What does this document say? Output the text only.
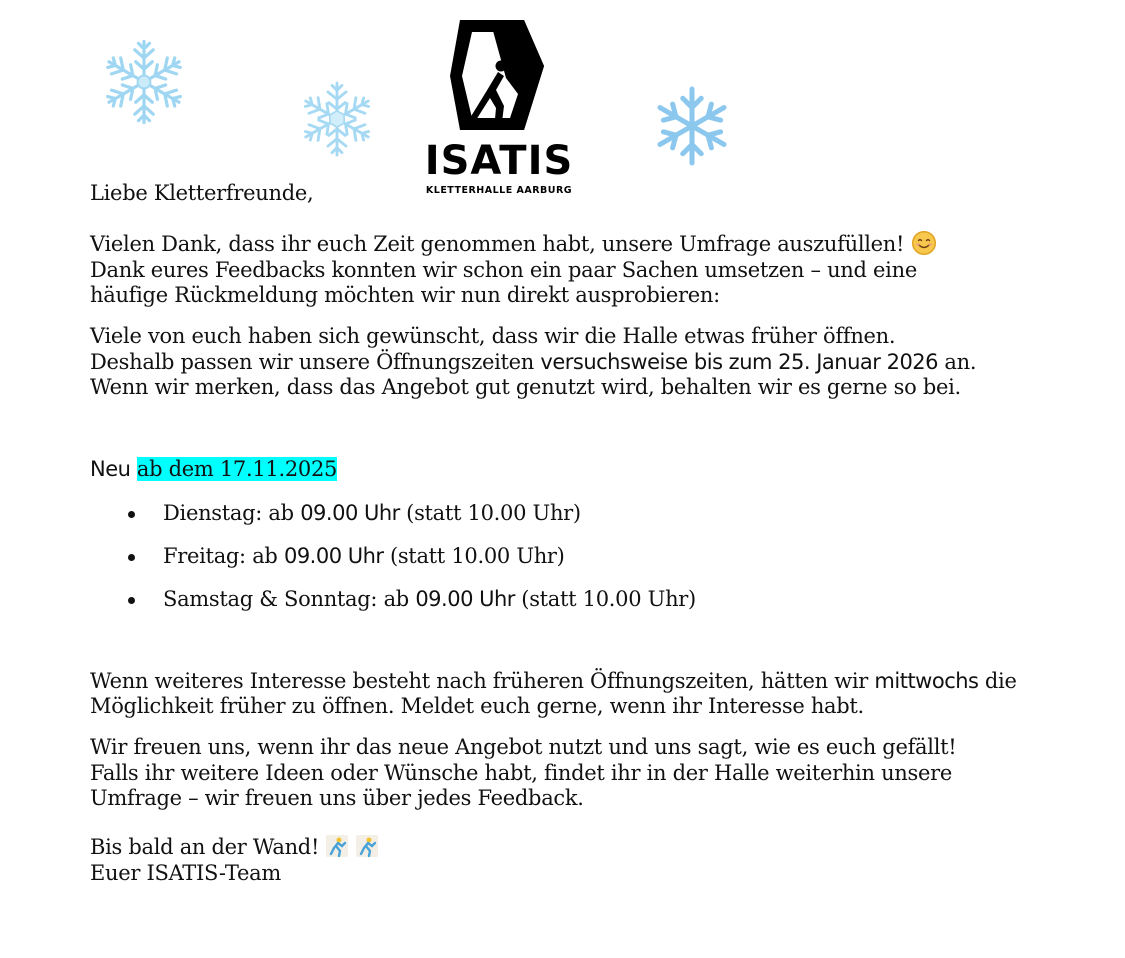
ISATIS
KLETTERHALLE AARBURG
Liebe Kletterfreunde,
Vielen Dank, dass ihr euch Zeit genommen habt, unsere Umfrage auszufüllen!
Dank eures Feedbacks konnten wir schon ein paar Sachen umsetzen – und eine
häufige Rückmeldung möchten wir nun direkt ausprobieren:
Viele von euch haben sich gewünscht, dass wir die Halle etwas früher öffnen.
Deshalb passen wir unsere Öffnungszeiten versuchsweise bis zum 25. Januar 2026 an.
Wenn wir merken, dass das Angebot gut genutzt wird, behalten wir es gerne so bei.
Neu ab dem 17.11.2025
Dienstag: ab 09.00 Uhr (statt 10.00 Uhr)
Freitag: ab 09.00 Uhr (statt 10.00 Uhr)
Samstag & Sonntag: ab 09.00 Uhr (statt 10.00 Uhr)
Wenn weiteres Interesse besteht nach früheren Öffnungszeiten, hätten wir mittwochs die
Möglichkeit früher zu öffnen. Meldet euch gerne, wenn ihr Interesse habt.
Wir freuen uns, wenn ihr das neue Angebot nutzt und uns sagt, wie es euch gefällt!
Falls ihr weitere Ideen oder Wünsche habt, findet ihr in der Halle weiterhin unsere
Umfrage – wir freuen uns über jedes Feedback.
Bis bald an der Wand!
Euer ISATIS-Team
